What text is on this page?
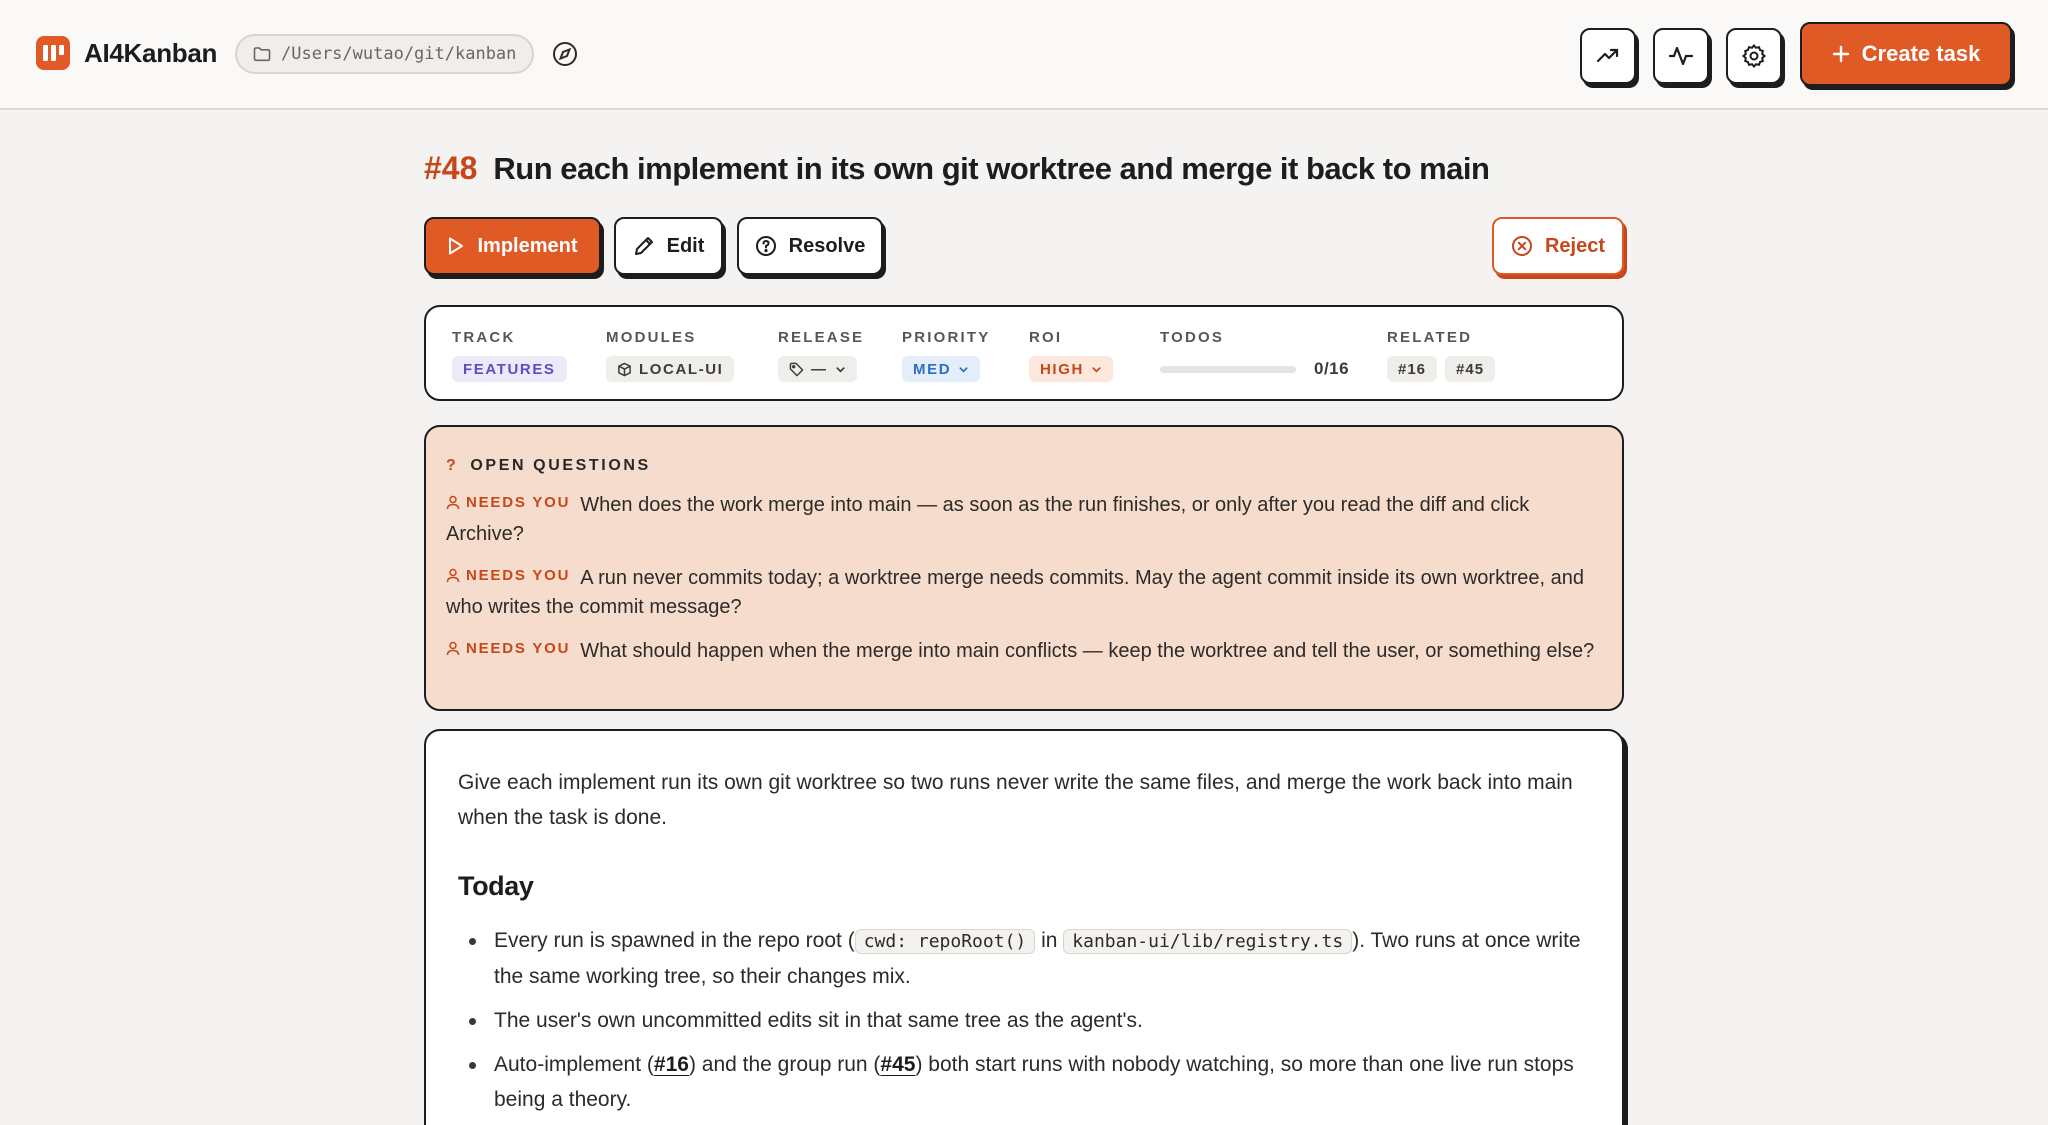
AI4Kanban	/Users/wutao/git/kanban	Create task
#48 Run each implement in its own git worktree and merge it back to main
Implement	Edit	Resolve	Reject
TRACK
FEATURES
MODULES
LOCAL-UI
RELEASE
—
PRIORITY
MED
ROI
HIGH
TODOS
0/16
RELATED
#16	#45
? OPEN QUESTIONS
NEEDS YOU When does the work merge into main — as soon as the run finishes, or only after you read the diff and click Archive?
NEEDS YOU A run never commits today; a worktree merge needs commits. May the agent commit inside its own worktree, and who writes the commit message?
NEEDS YOU What should happen when the merge into main conflicts — keep the worktree and tell the user, or something else?

Give each implement run its own git worktree so two runs never write the same files, and merge the work back into main when the task is done.

Today
Every run is spawned in the repo root ( cwd: repoRoot() in kanban-ui/lib/registry.ts ). Two runs at once write the same working tree, so their changes mix.
The user's own uncommitted edits sit in that same tree as the agent's.
Auto-implement (#16) and the group run (#45) both start runs with nobody watching, so more than one live run stops being a theory.
